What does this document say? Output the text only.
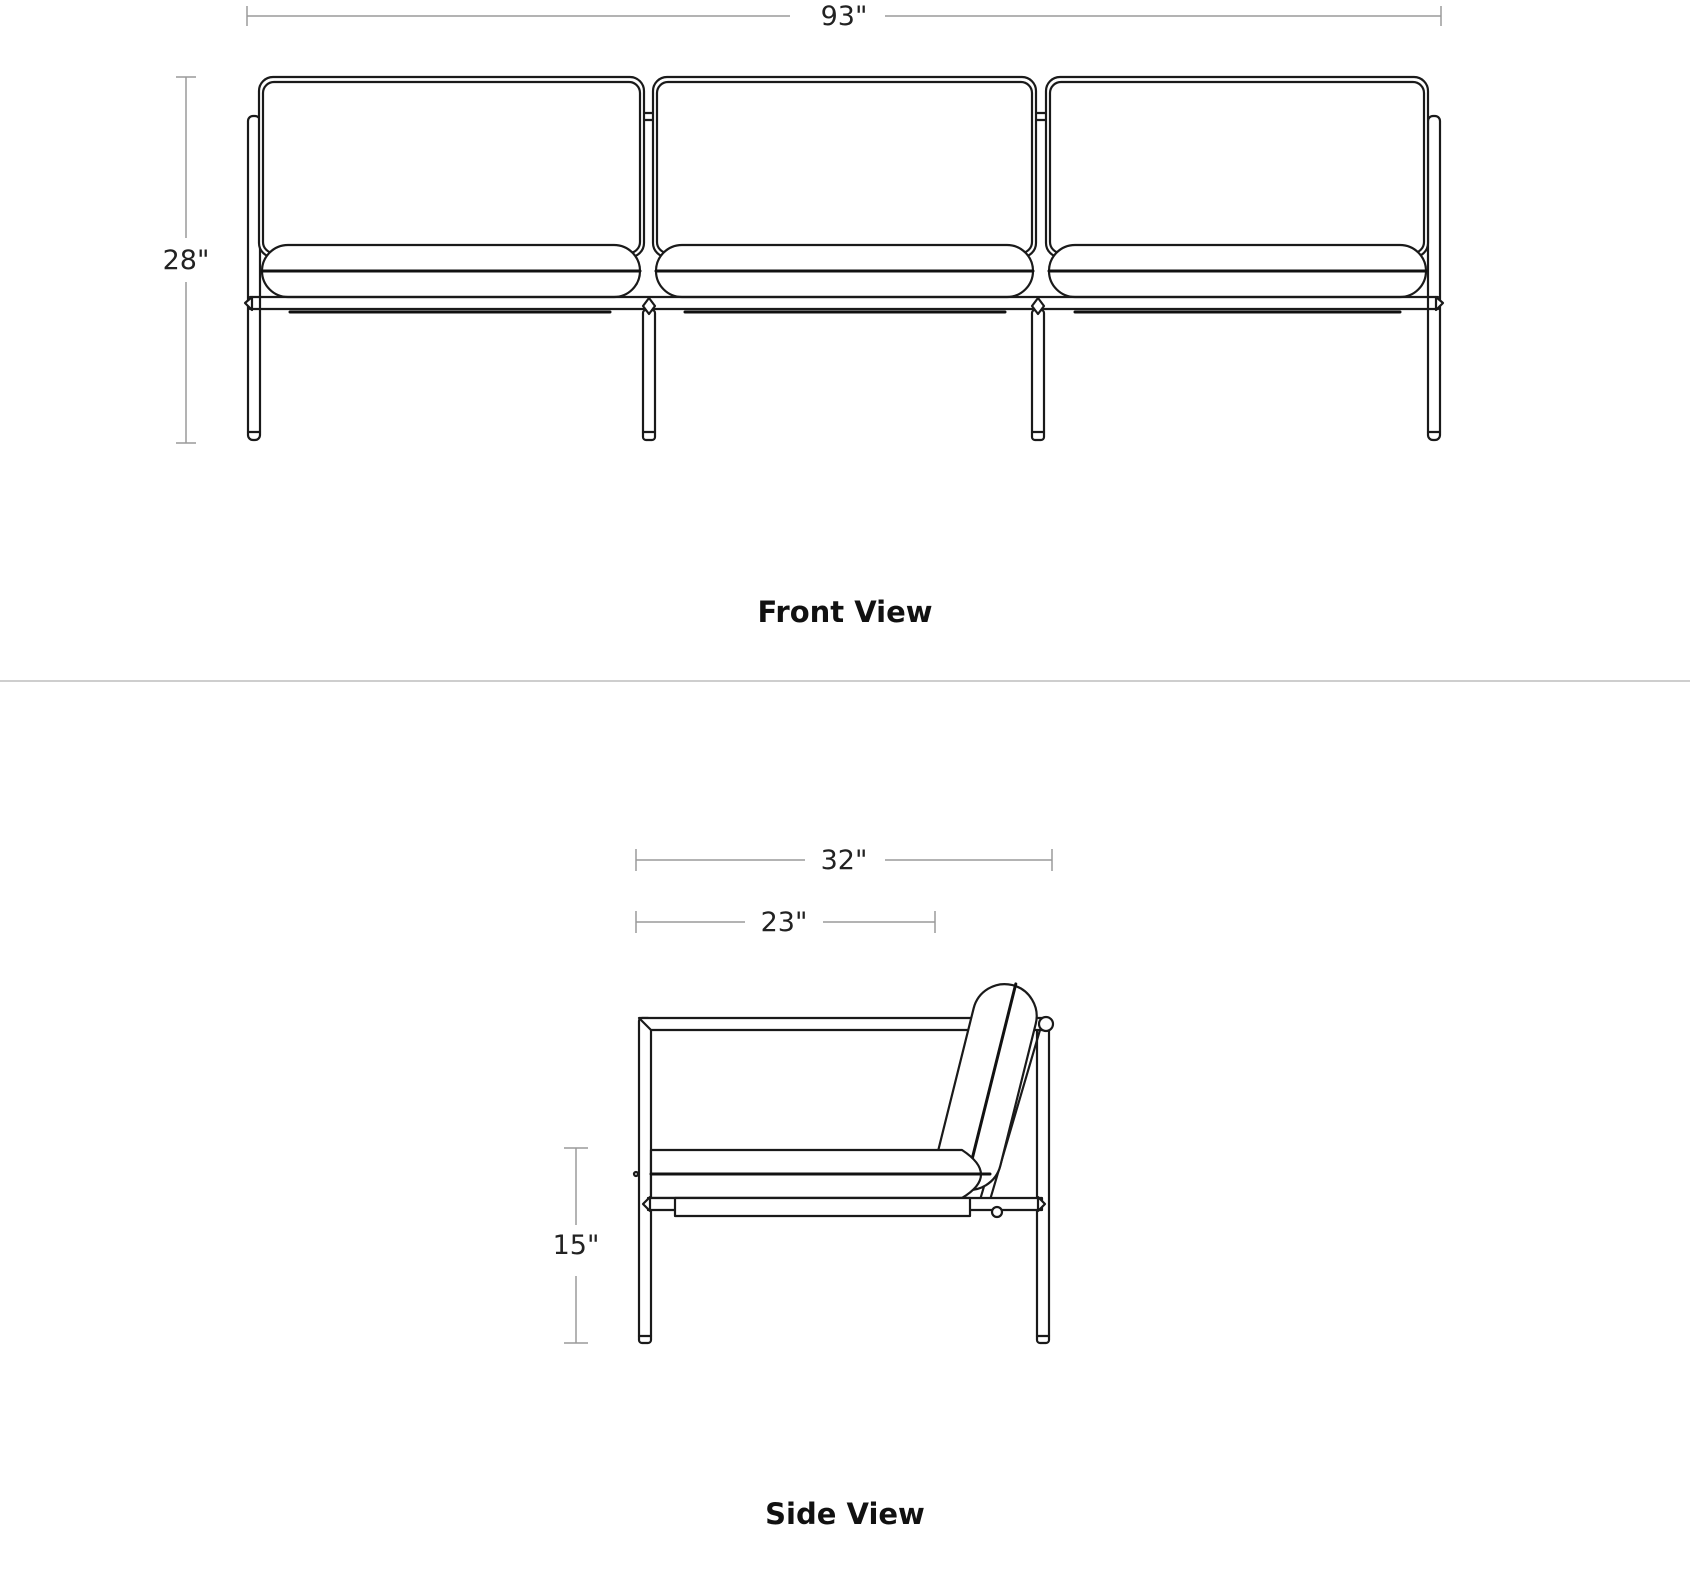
93"
28"
Front View
32"
23"
15"
Side View
